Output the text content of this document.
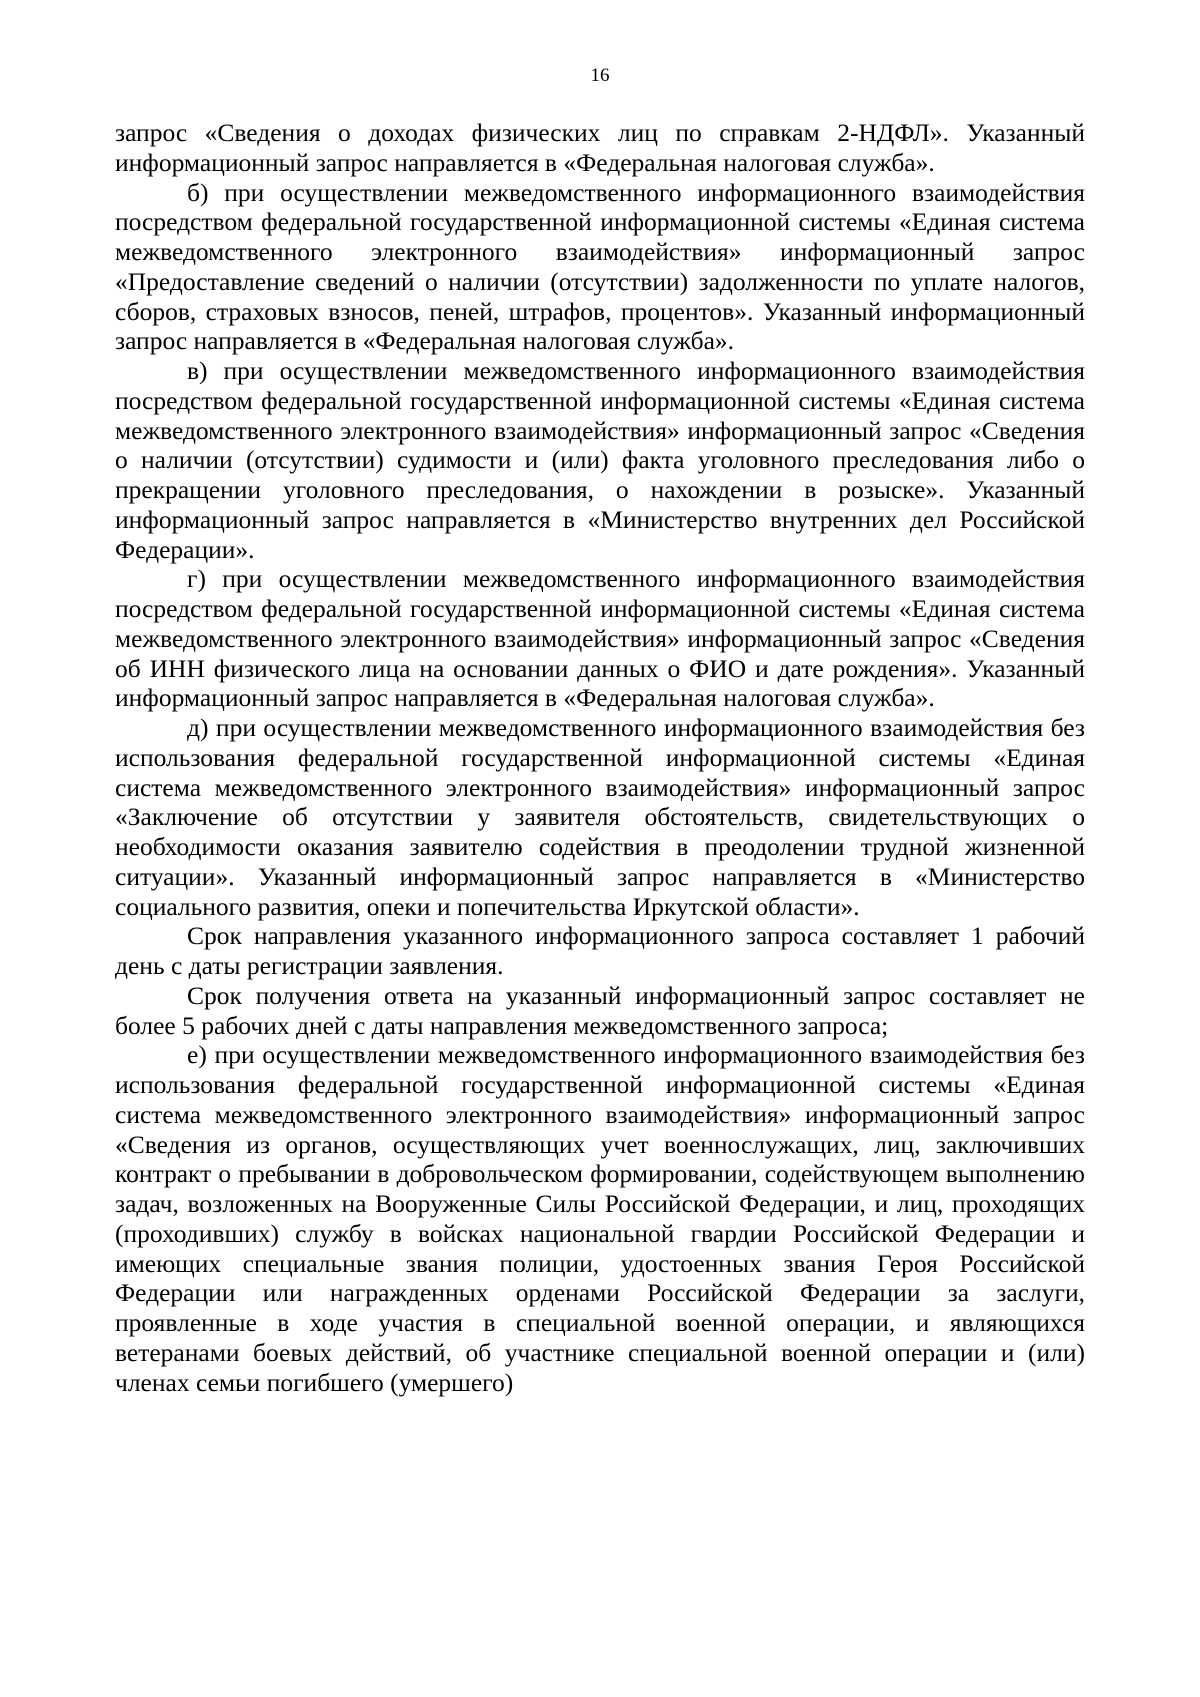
16

запрос «Сведения о доходах физических лиц по справкам 2-НДФЛ». Указанный информационный запрос направляется в «Федеральная налоговая служба».

б) при осуществлении межведомственного информационного взаимодействия посредством федеральной государственной информационной системы «Единая система межведомственного электронного взаимодействия» информационный запрос «Предоставление сведений о наличии (отсутствии) задолженности по уплате налогов, сборов, страховых взносов, пеней, штрафов, процентов». Указанный информационный запрос направляется в «Федеральная налоговая служба».

в) при осуществлении межведомственного информационного взаимодействия посредством федеральной государственной информационной системы «Единая система межведомственного электронного взаимодействия» информационный запрос «Сведения о наличии (отсутствии) судимости и (или) факта уголовного преследования либо о прекращении уголовного преследования, о нахождении в розыске». Указанный информационный запрос направляется в «Министерство внутренних дел Российской Федерации».

г) при осуществлении межведомственного информационного взаимодействия посредством федеральной государственной информационной системы «Единая система межведомственного электронного взаимодействия» информационный запрос «Сведения об ИНН физического лица на основании данных о ФИО и дате рождения». Указанный информационный запрос направляется в «Федеральная налоговая служба».

д) при осуществлении межведомственного информационного взаимодействия без использования федеральной государственной информационной системы «Единая система межведомственного электронного взаимодействия» информационный запрос «Заключение об отсутствии у заявителя обстоятельств, свидетельствующих о необходимости оказания заявителю содействия в преодолении трудной жизненной ситуации». Указанный информационный запрос направляется в «Министерство социального развития, опеки и попечительства Иркутской области».

Срок направления указанного информационного запроса составляет 1 рабочий день с даты регистрации заявления.

Срок получения ответа на указанный информационный запрос составляет не более 5 рабочих дней с даты направления межведомственного запроса;

е) при осуществлении межведомственного информационного взаимодействия без использования федеральной государственной информационной системы «Единая система межведомственного электронного взаимодействия» информационный запрос «Сведения из органов, осуществляющих учет военнослужащих, лиц, заключивших контракт о пребывании в добровольческом формировании, содействующем выполнению задач, возложенных на Вооруженные Силы Российской Федерации, и лиц, проходящих (проходивших) службу в войсках национальной гвардии Российской Федерации и имеющих специальные звания полиции, удостоенных звания Героя Российской Федерации или награжденных орденами Российской Федерации за заслуги, проявленные в ходе участия в специальной военной операции, и являющихся ветеранами боевых действий, об участнике специальной военной операции и (или) членах семьи погибшего (умершего)
